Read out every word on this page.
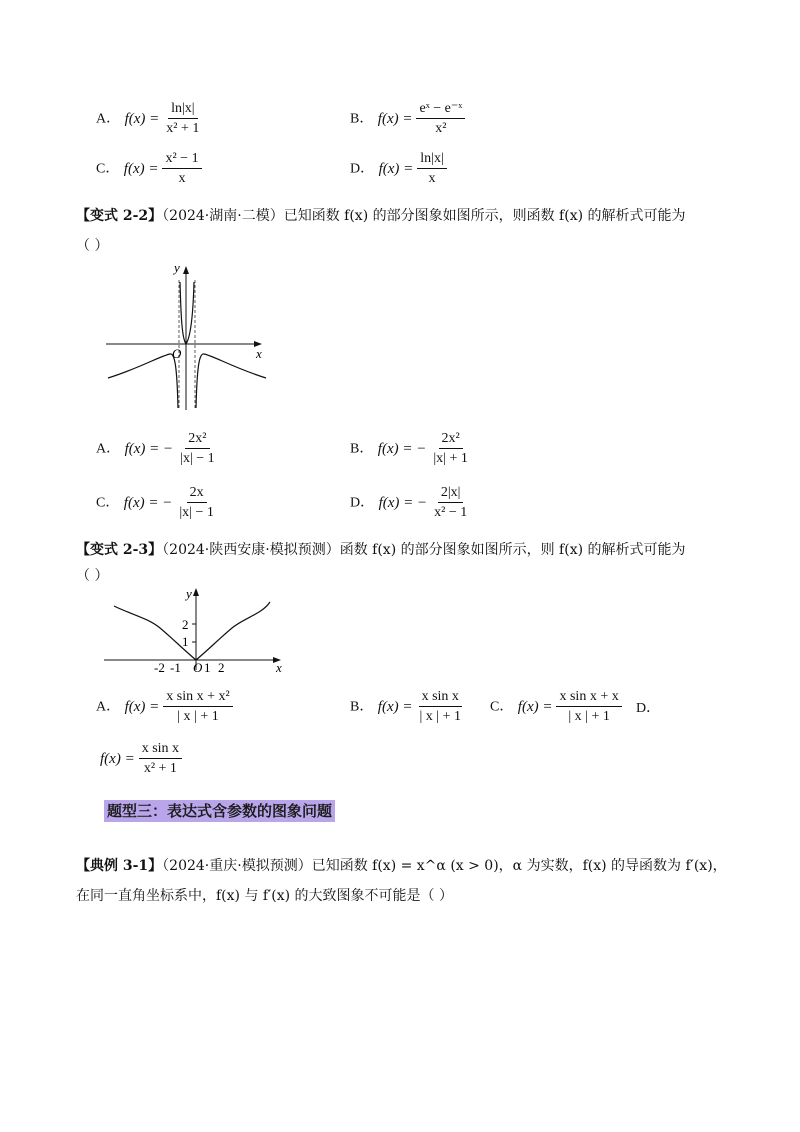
A． $f(x) = \frac{\ln|x|}{\text{x² + 1}}$	B． $f(x) = \frac{\text{eˣ − e⁻ˣ}}{\text{x²}}$
C． $f(x) = \frac{\text{x² − 1}}{x}$	D． $f(x) = \frac{\ln|x|}{x}$
【变式 2-2】（2024·湖南·二模）已知函数 f(x) 的部分图象如图所示，则函数 f(x) 的解析式可能为
（ ）
y
x
O
A． f(x) = − $\frac{\text{2x²}}{|x| - 1}$	B． f(x) = − $\frac{\text{2x²}}{|x| + 1}$
C． f(x) = − $\frac{2x}{|x| - 1}$	D． f(x) = − $\frac{2|x|}{\text{x² − 1}}$
【变式 2-3】（2024·陕西安康·模拟预测）函数 f(x) 的部分图象如图所示，则 f(x) 的解析式可能为
（ ）
y
x
2
1
-2 -1 O 1 2
A． $f(x) = \frac{\text{x sin x + x²}}{| x | + 1}$	B． $f(x) = \frac{\text{x sin x}}{| x | + 1}$ C． $f(x) = \frac{\text{x sin x + x}}{| x | + 1}$ D．
$f(x) = \frac{\text{x sin x}}{\text{x² + 1}}$
题型三：表达式含参数的图象问题
【典例 3-1】（2024·重庆·模拟预测）已知函数 f(x) = x^α (x > 0)，α 为实数，f(x) 的导函数为 f′(x)，
在同一直角坐标系中，f(x) 与 f′(x) 的大致图象不可能是（ ）
